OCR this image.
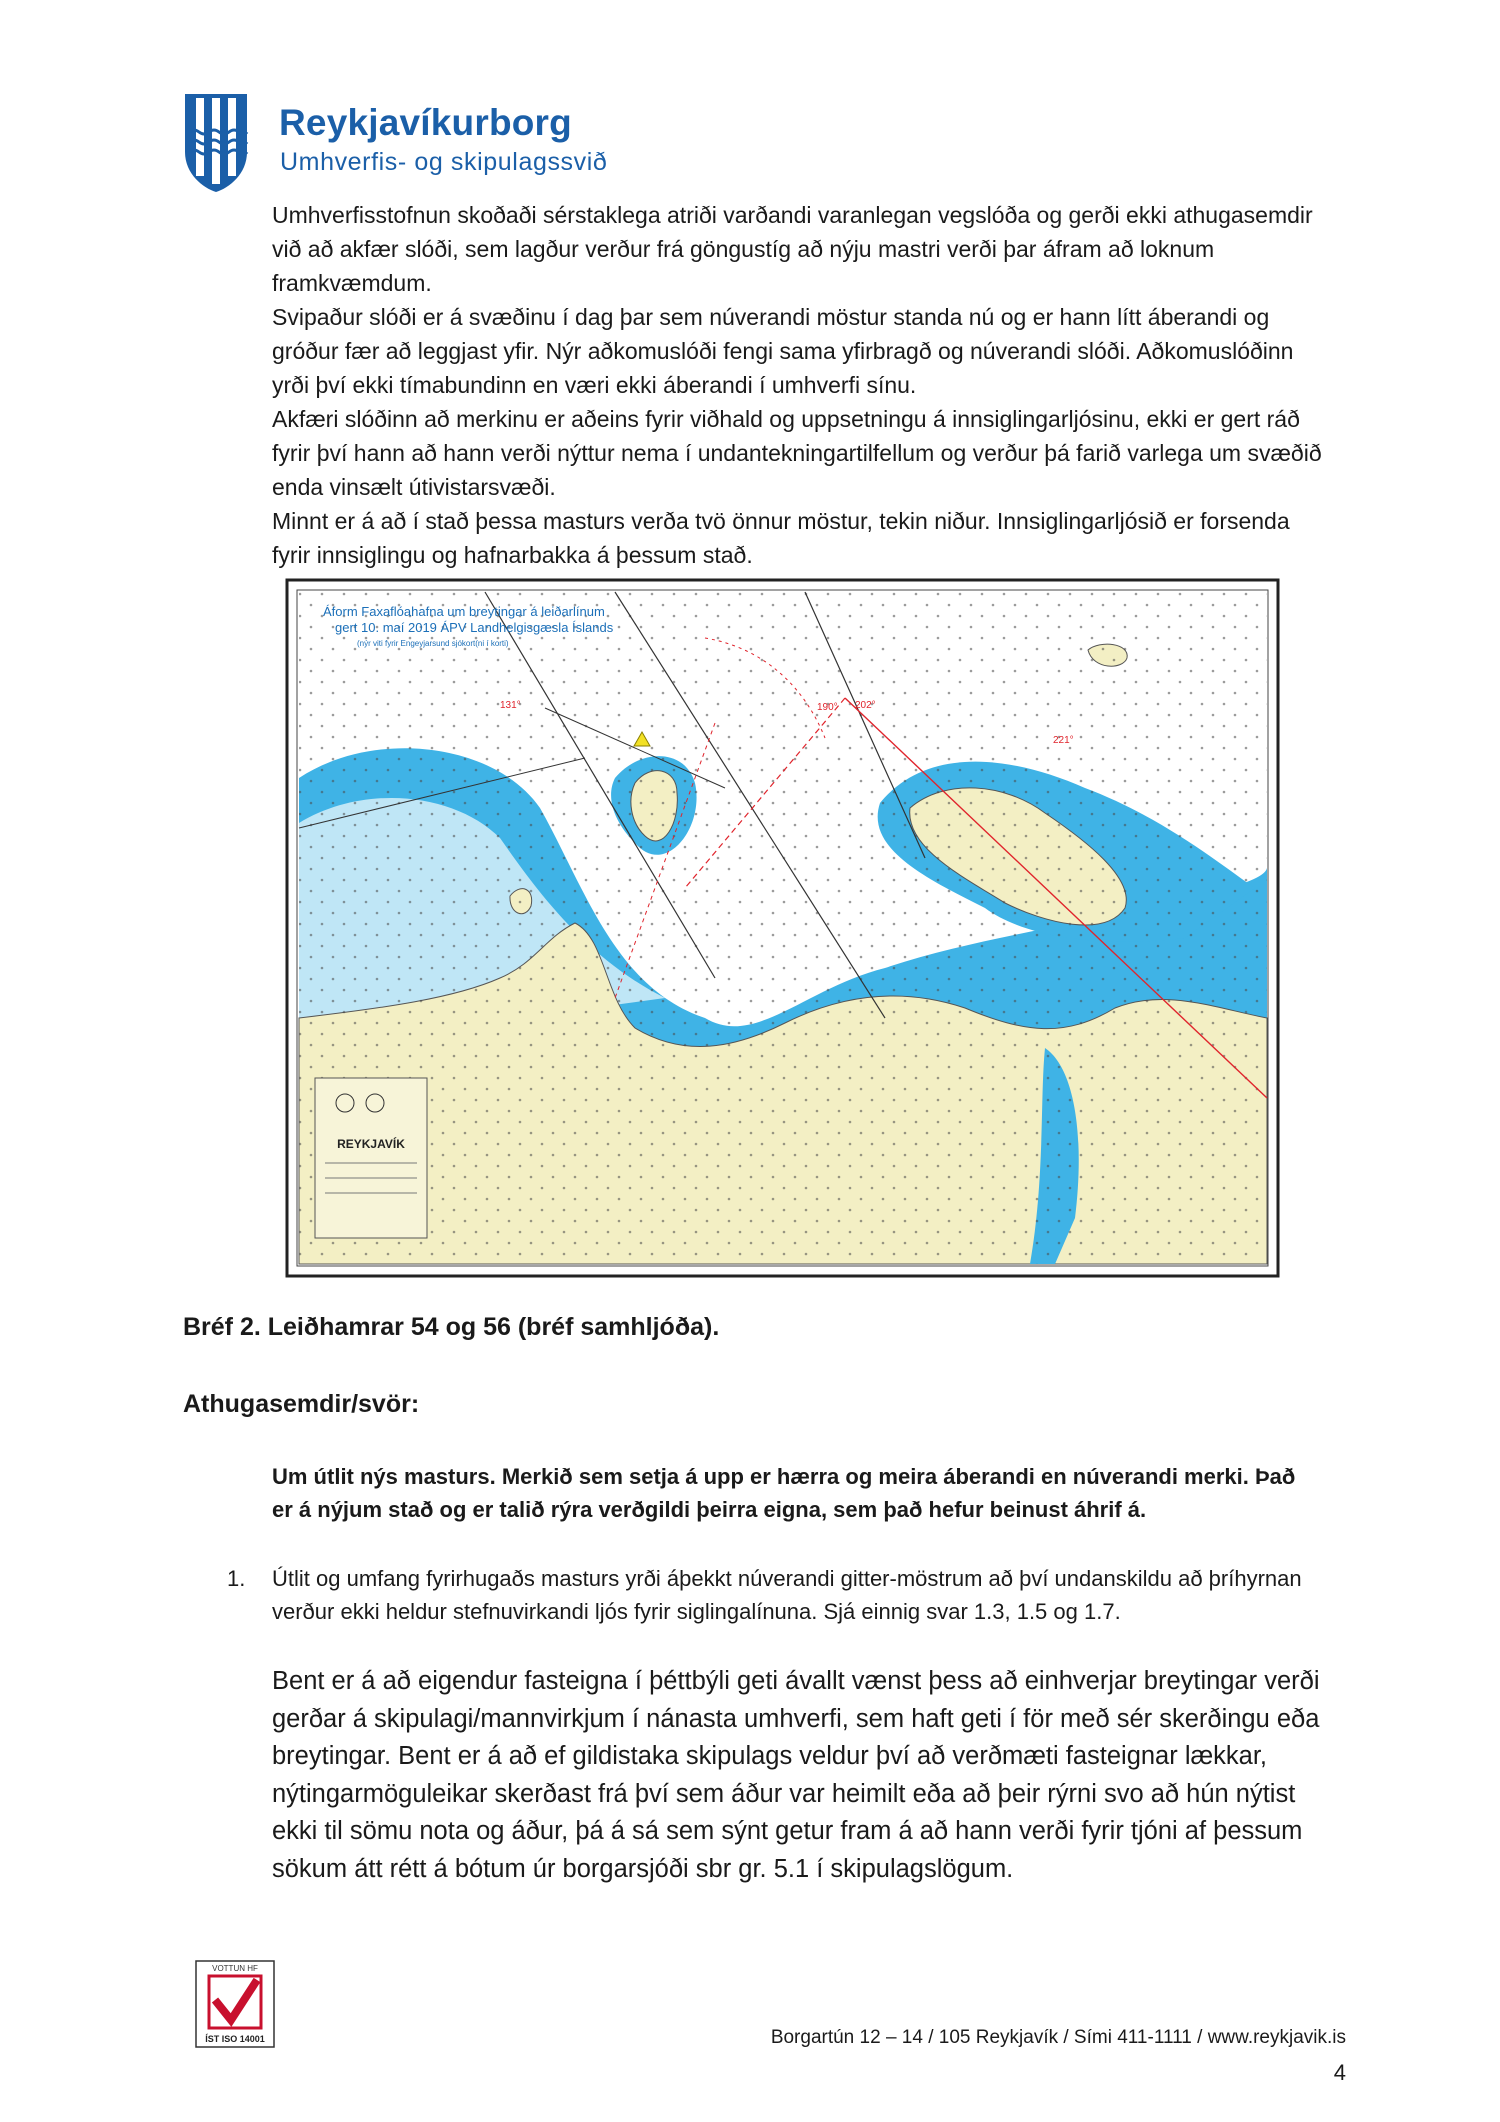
Reykjavíkurborg
Umhverfis- og skipulagssvið

Umhverfisstofnun skoðaði sérstaklega atriði varðandi varanlegan vegslóða og gerði ekki athugasemdir við að akfær slóði, sem lagður verður frá göngustíg að nýju mastri verði þar áfram að loknum framkvæmdum.

Svipaður slóði er á svæðinu í dag þar sem núverandi möstur standa nú og er hann lítt áberandi og gróður fær að leggjast yfir. Nýr aðkomuslóði fengi sama yfirbragð og núverandi slóði. Aðkomuslóðinn yrði því ekki tímabundinn en væri ekki áberandi í umhverfi sínu.

Akfæri slóðinn að merkinu er aðeins fyrir viðhald og uppsetningu á innsiglingarljósinu, ekki er gert ráð fyrir því hann að hann verði nýttur nema í undantekningartilfellum og verður þá farið varlega um svæðið enda vinsælt útivistarsvæði.

Minnt er á að í stað þessa masturs verða tvö önnur möstur, tekin niður. Innsiglingarljósið er forsenda fyrir innsiglingu og hafnarbakka á þessum stað.

Áform Faxaflóahafna um breytingar á leiðarlínum
gert 10. maí 2019 ÁPV Landhelgisgæsla Íslands
(nýr viti fyrir Engeyjarsund sjókort(ni í korti)
131°	190° 202°
221°
REYKJAVÍK
Bréf 2. Leiðhamrar 54 og 56 (bréf samhljóða).
Athugasemdir/svör:
Um útlit nýs masturs. Merkið sem setja á upp er hærra og meira áberandi en núverandi merki. Það er á nýjum stað og er talið rýra verðgildi þeirra eigna, sem það hefur beinust áhrif á.
1.	Útlit og umfang fyrirhugaðs masturs yrði áþekkt núverandi gitter-möstrum að því undanskildu að þríhyrnan verður ekki heldur stefnuvirkandi ljós fyrir siglingalínuna. Sjá einnig svar 1.3, 1.5 og 1.7.
Bent er á að eigendur fasteigna í þéttbýli geti ávallt vænst þess að einhverjar breytingar verði gerðar á skipulagi/mannvirkjum í nánasta umhverfi, sem haft geti í för með sér skerðingu eða breytingar. Bent er á að ef gildistaka skipulags veldur því að verðmæti fasteignar lækkar, nýtingarmöguleikar skerðast frá því sem áður var heimilt eða að þeir rýrni svo að hún nýtist ekki til sömu nota og áður, þá á sá sem sýnt getur fram á að hann verði fyrir tjóni af þessum sökum átt rétt á bótum úr borgarsjóði sbr gr. 5.1 í skipulagslögum.
VOTTUN HF
ÍST ISO 14001	Borgartún 12 – 14 / 105 Reykjavík / Sími 411-1111 / www.reykjavik.is
4
